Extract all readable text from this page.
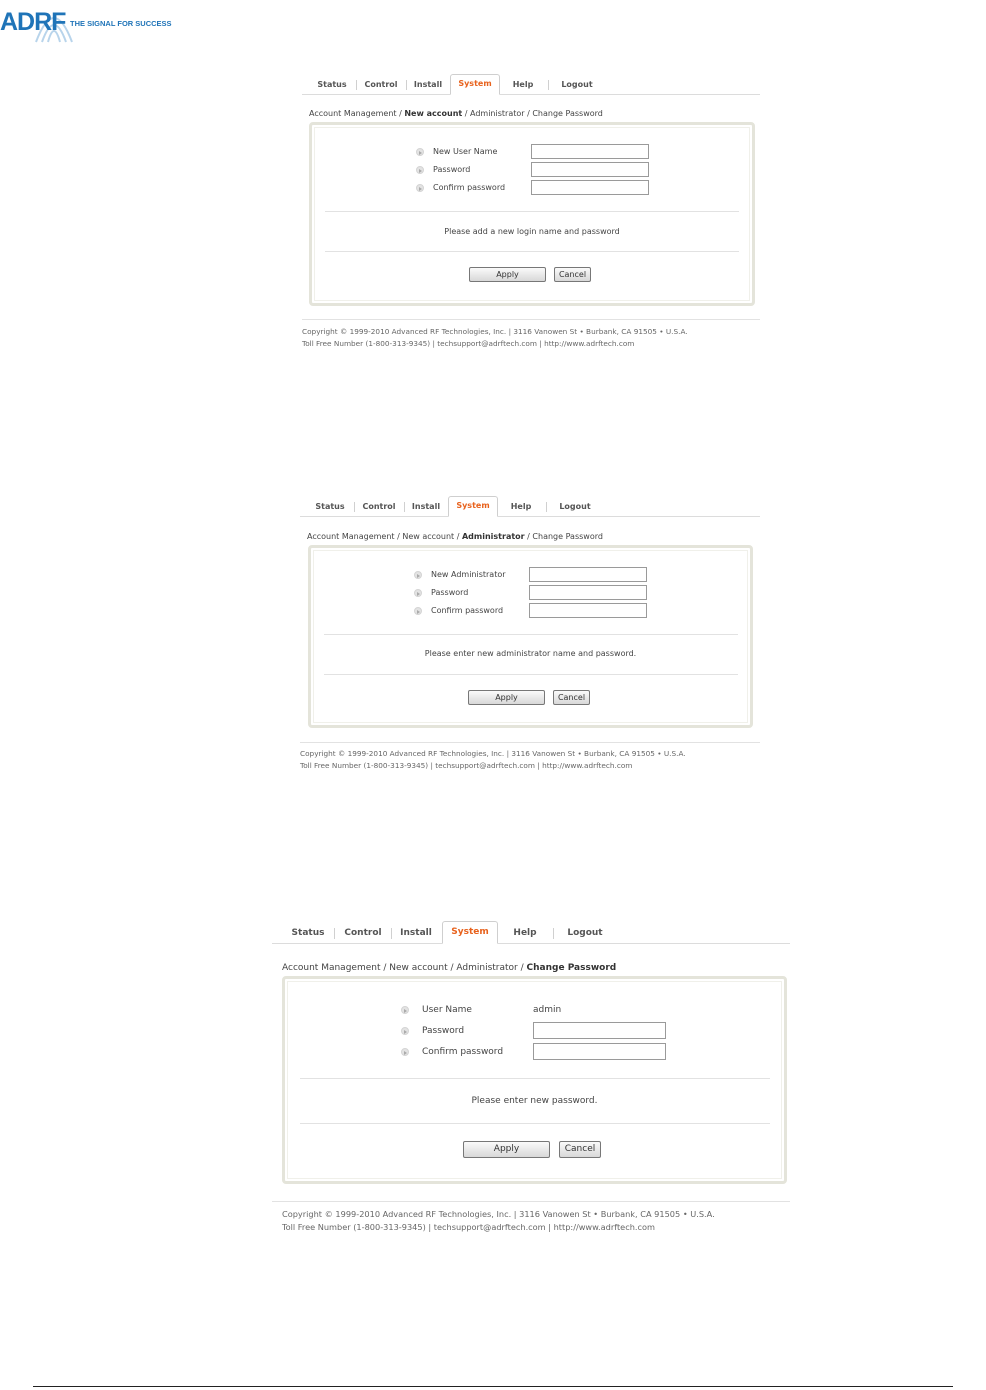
ADRF THE SIGNAL FOR SUCCESS
Status	Control	Install	System	Help	Logout
Account Management / New account / Administrator / Change Password
New User Name
Password
Confirm password
Please add a new login name and password
Apply	Cancel
Copyright © 1999-2010 Advanced RF Technologies, Inc. | 3116 Vanowen St • Burbank, CA 91505 • U.S.A.
Toll Free Number (1-800-313-9345) | techsupport@adrftech.com | http://www.adrftech.com
Status	Control	Install	System	Help	Logout
Account Management / New account / Administrator / Change Password
New Administrator
Password
Confirm password
Please enter new administrator name and password.
Apply	Cancel
Copyright © 1999-2010 Advanced RF Technologies, Inc. | 3116 Vanowen St • Burbank, CA 91505 • U.S.A.
Toll Free Number (1-800-313-9345) | techsupport@adrftech.com | http://www.adrftech.com
Status	Control	Install	System	Help	Logout
Account Management / New account / Administrator / Change Password
User Name	admin
Password
Confirm password
Please enter new password.
Apply	Cancel
Copyright © 1999-2010 Advanced RF Technologies, Inc. | 3116 Vanowen St • Burbank, CA 91505 • U.S.A.
Toll Free Number (1-800-313-9345) | techsupport@adrftech.com | http://www.adrftech.com
